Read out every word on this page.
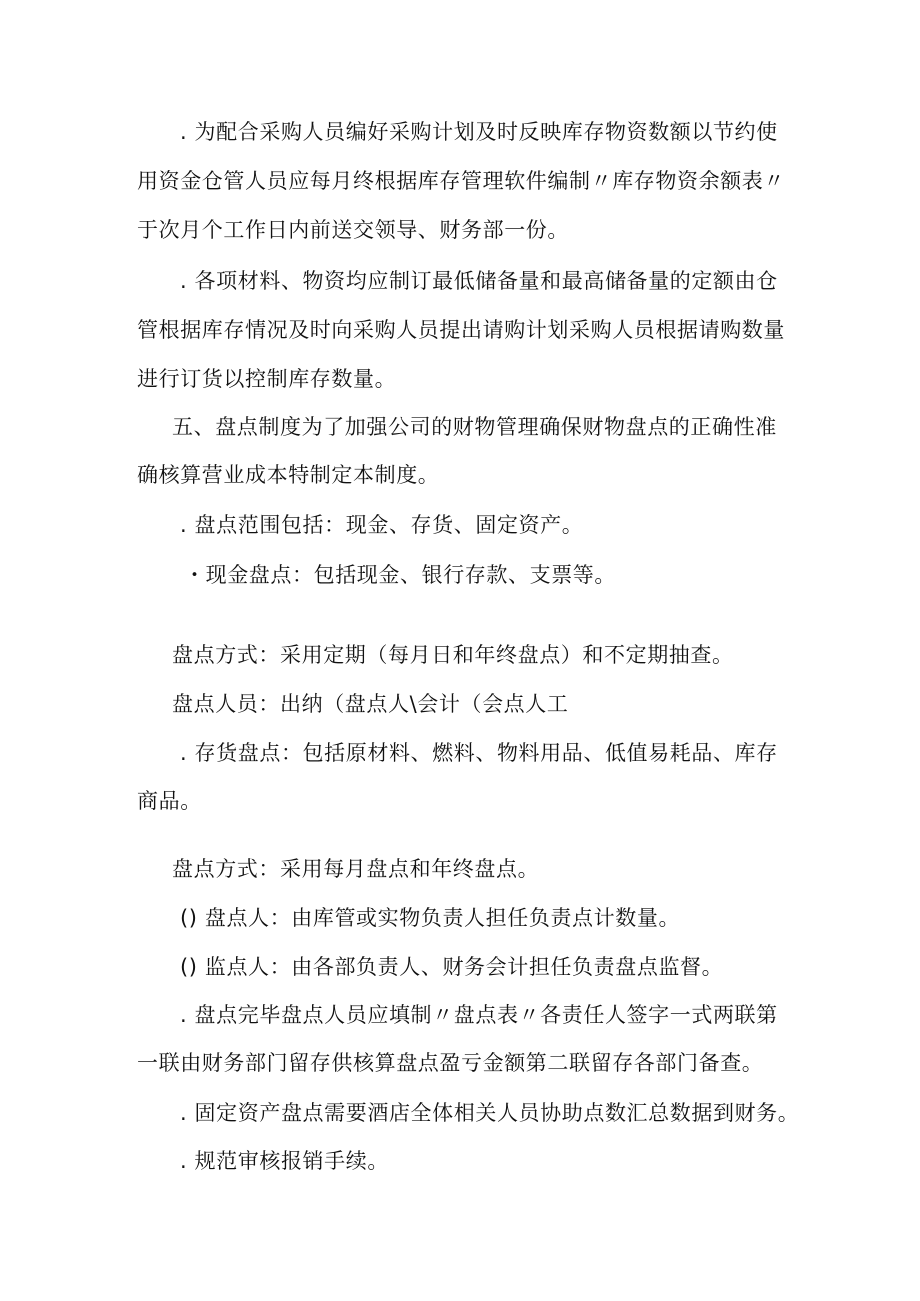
. 为配合采购人员编好采购计划及时反映库存物资数额以节约使
用资金仓管人员应每月终根据库存管理软件编制〃库存物资余额表〃
于次月个工作日内前送交领导、财务部一份。
. 各项材料、物资均应制订最低储备量和最高储备量的定额由仓
管根据库存情况及时向采购人员提出请购计划采购人员根据请购数量
进行订货以控制库存数量。
五、盘点制度为了加强公司的财物管理确保财物盘点的正确性准
确核算营业成本特制定本制度。
. 盘点范围包括：现金、存货、固定资产。
・现金盘点：包括现金、银行存款、支票等。
盘点方式：采用定期（每月日和年终盘点）和不定期抽查。
盘点人员：出纳（盘点人\会计（会点人工
. 存货盘点：包括原材料、燃料、物料用品、低值易耗品、库存
商品。
盘点方式：采用每月盘点和年终盘点。
() 盘点人：由库管或实物负责人担任负责点计数量。
() 监点人：由各部负责人、财务会计担任负责盘点监督。
. 盘点完毕盘点人员应填制〃盘点表〃各责任人签字一式两联第
一联由财务部门留存供核算盘点盈亏金额第二联留存各部门备查。
. 固定资产盘点需要酒店全体相关人员协助点数汇总数据到财务。
. 规范审核报销手续。
